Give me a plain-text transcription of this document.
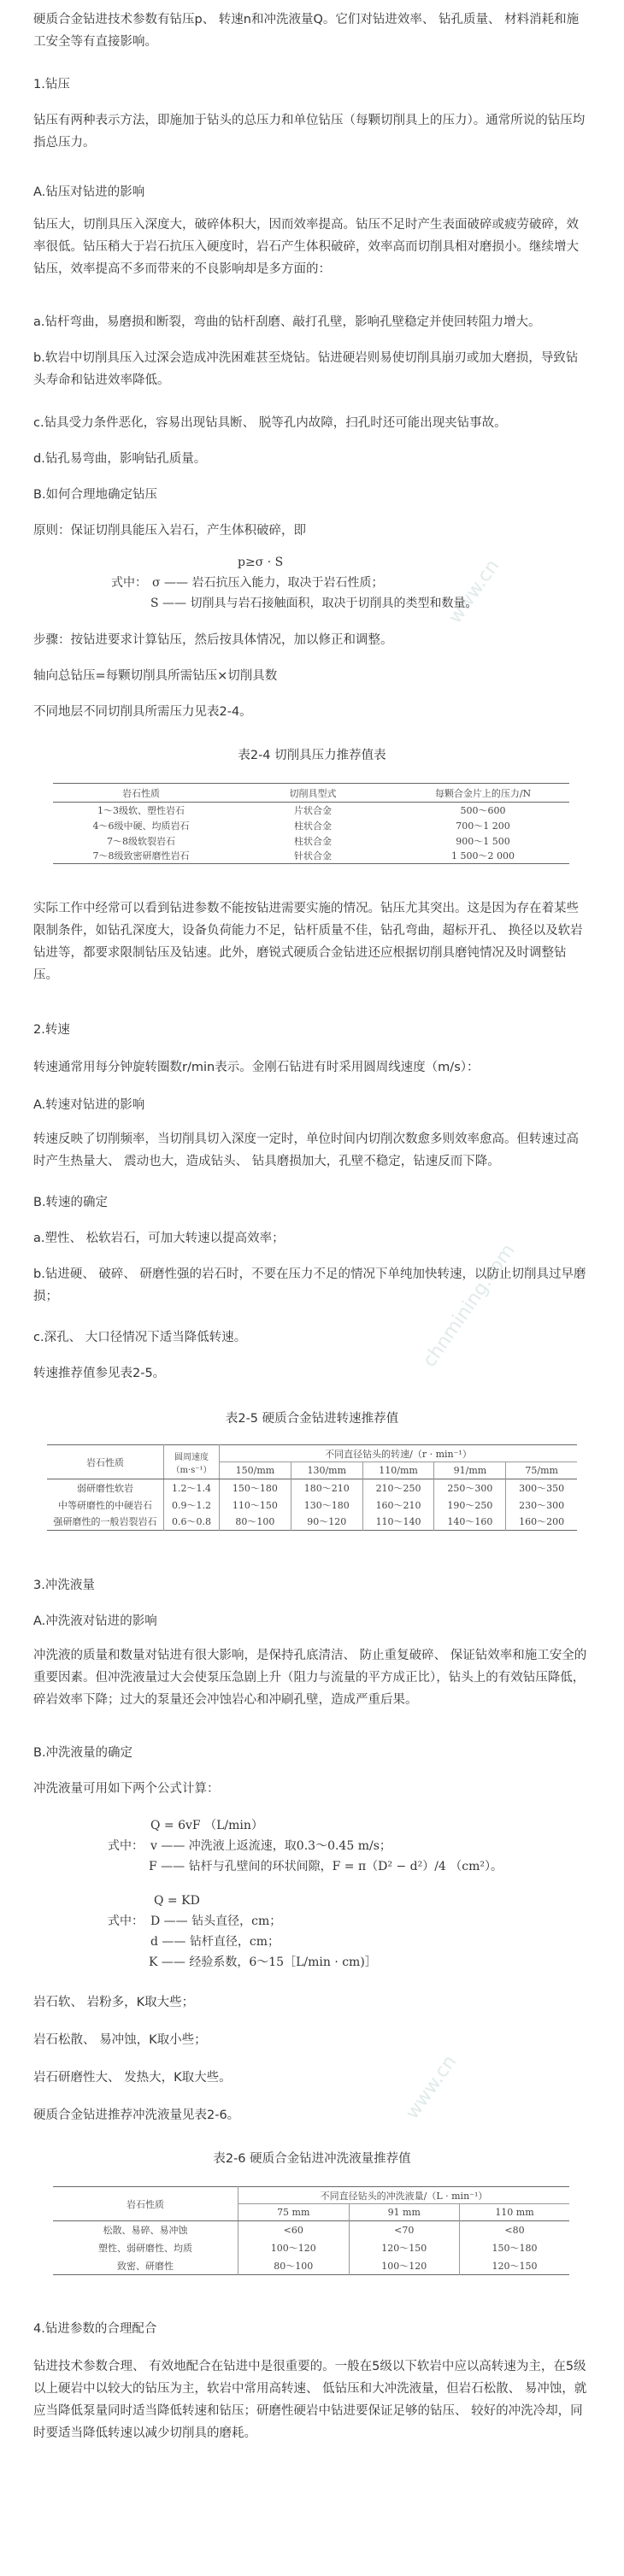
www.cn
chnmining.com
www.cn

硬质合金钻进技术参数有钻压p、 转速n和冲洗液量Q。它们对钻进效率、 钻孔质量、 材料消耗和施工安全等有直接影响。

1.钻压

钻压有两种表示方法，即施加于钻头的总压力和单位钻压（每颗切削具上的压力）。通常所说的钻压均指总压力。

A.钻压对钻进的影响

钻压大，切削具压入深度大，破碎体积大，因而效率提高。钻压不足时产生表面破碎或疲劳破碎，效率很低。钻压稍大于岩石抗压入硬度时，岩石产生体积破碎，效率高而切削具相对磨损小。继续增大钻压，效率提高不多而带来的不良影响却是多方面的：

a.钻杆弯曲，易磨损和断裂，弯曲的钻杆刮磨、敲打孔壁，影响孔壁稳定并使回转阻力增大。

b.软岩中切削具压入过深会造成冲洗困难甚至烧钻。钻进硬岩则易使切削具崩刃或加大磨损，导致钻头寿命和钻进效率降低。

c.钻具受力条件恶化，容易出现钻具断、 脱等孔内故障，扫孔时还可能出现夹钻事故。

d.钻孔易弯曲，影响钻孔质量。

B.如何合理地确定钻压

原则：保证切削具能压入岩石，产生体积破碎，即

p≥σ · S
式中： σ —— 岩石抗压入能力，取决于岩石性质；
S —— 切削具与岩石接触面积，取决于切削具的类型和数量。

步骤：按钻进要求计算钻压，然后按具体情况，加以修正和调整。

轴向总钻压=每颗切削具所需钻压×切削具数

不同地层不同切削具所需压力见表2-4。

表2-4 切削具压力推荐值表
岩石性质	切削具型式	每颗合金片上的压力/N
1～3级软、塑性岩石	片状合金	500～600
4～6级中硬、均质岩石	柱状合金	700～1 200
7～8级软裂岩石	柱状合金	900～1 500
7～8级致密研磨性岩石	针状合金	1 500～2 000

实际工作中经常可以看到钻进参数不能按钻进需要实施的情况。钻压尤其突出。这是因为存在着某些限制条件，如钻孔深度大，设备负荷能力不足，钻杆质量不佳，钻孔弯曲，超标开孔、 换径以及软岩钻进等，都要求限制钻压及钻速。此外，磨锐式硬质合金钻进还应根据切削具磨钝情况及时调整钻压。

2.转速

转速通常用每分钟旋转圈数r/min表示。金刚石钻进有时采用圆周线速度（m/s）：

A.转速对钻进的影响

转速反映了切削频率，当切削具切入深度一定时，单位时间内切削次数愈多则效率愈高。但转速过高时产生热量大、 震动也大，造成钻头、 钻具磨损加大，孔壁不稳定，钻速反而下降。

B.转速的确定

a.塑性、 松软岩石，可加大转速以提高效率；

b.钻进硬、 破碎、 研磨性强的岩石时，不要在压力不足的情况下单纯加快转速，以防止切削具过早磨损；

c.深孔、 大口径情况下适当降低转速。

转速推荐值参见表2-5。

表2-5 硬质合金钻进转速推荐值
岩石性质	圆周速度（m·s⁻¹）	不同直径钻头的转速/（r · min⁻¹）				
		150/mm	130/mm	110/mm	91/mm	75/mm
弱研磨性软岩	1.2～1.4	150～180	180～210	210～250	250～300	300～350
中等研磨性的中硬岩石	0.9～1.2	110～150	130～180	160～210	190～250	230～300
强研磨性的一般岩裂岩石	0.6～0.8	80～100	90～120	110～140	140～160	160～200

3.冲洗液量

A.冲洗液对钻进的影响

冲洗液的质量和数量对钻进有很大影响，是保持孔底清洁、 防止重复破碎、 保证钻效率和施工安全的重要因素。但冲洗液量过大会使泵压急剧上升（阻力与流量的平方成正比），钻头上的有效钻压降低，碎岩效率下降；过大的泵量还会冲蚀岩心和冲刷孔壁，造成严重后果。

B.冲洗液量的确定

冲洗液量可用如下两个公式计算：

Q = 6vF （L/min）
式中： v —— 冲洗液上返流速，取0.3～0.45 m/s；
F —— 钻杆与孔壁间的环状间隙，F = π（D² − d²）/4 （cm²）。
Q = KD
式中： D —— 钻头直径，cm；
d —— 钻杆直径，cm；
K —— 经验系数，6～15［L/min · cm)］

岩石软、 岩粉多，K取大些；

岩石松散、 易冲蚀，K取小些；

岩石研磨性大、 发热大，K取大些。

硬质合金钻进推荐冲洗液量见表2-6。

表2-6 硬质合金钻进冲洗液量推荐值
岩石性质	不同直径钻头的冲洗液量/（L · min⁻¹）		
	75 mm	91 mm	110 mm
松散、易碎、易冲蚀	<60	<70	<80
塑性、弱研磨性、均质	100～120	120～150	150～180
致密、研磨性	80～100	100～120	120～150

4.钻进参数的合理配合

钻进技术参数合理、 有效地配合在钻进中是很重要的。一般在5级以下软岩中应以高转速为主，在5级以上硬岩中以较大的钻压为主，软岩中常用高转速、 低钻压和大冲洗液量，但岩石松散、 易冲蚀，就应当降低泵量同时适当降低转速和钻压；研磨性硬岩中钻进要保证足够的钻压、 较好的冲洗冷却，同时要适当降低转速以减少切削具的磨耗。
